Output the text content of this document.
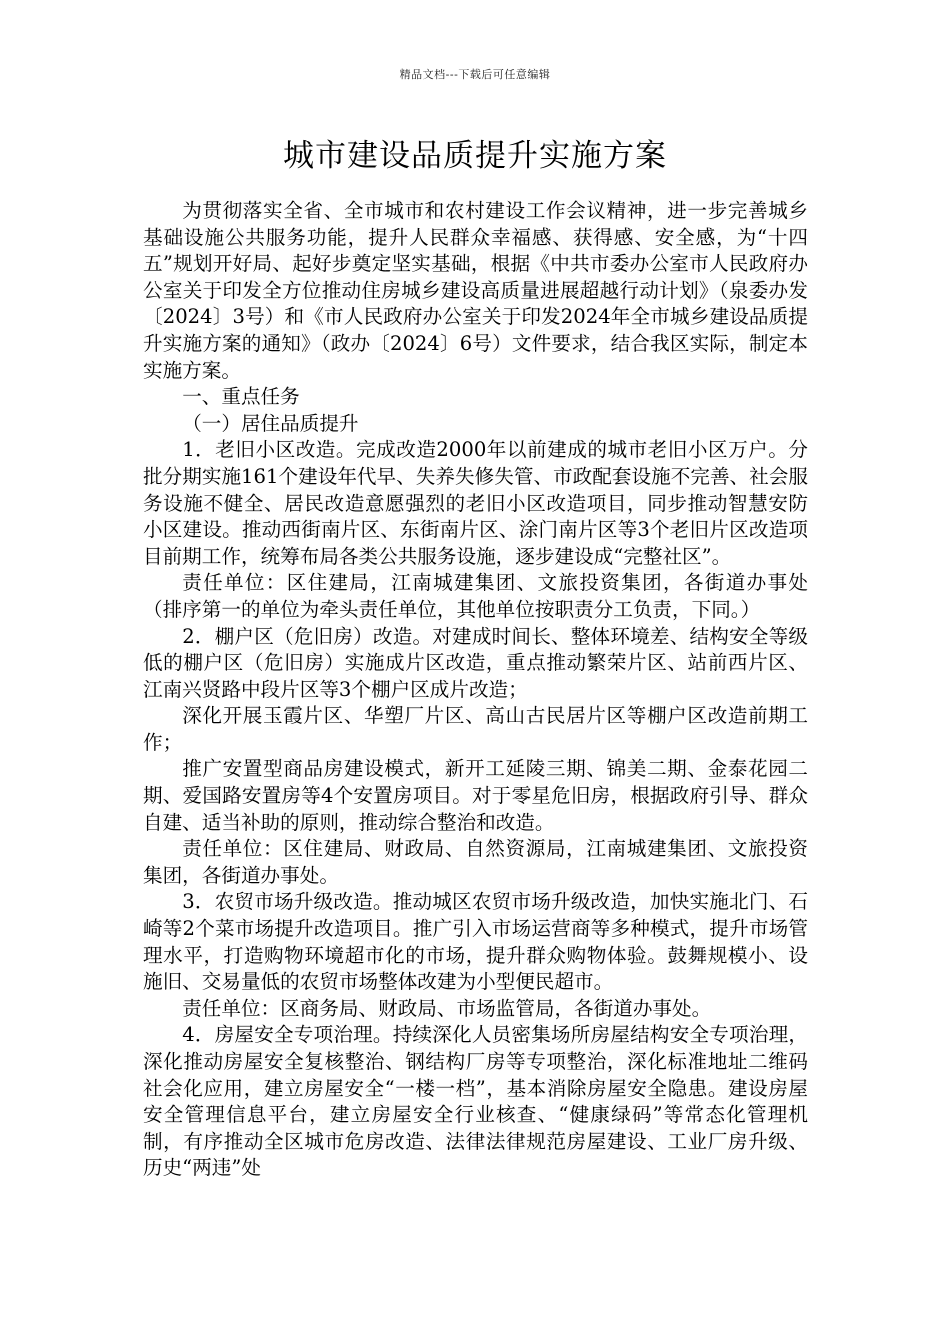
精品文档---下载后可任意编辑
城市建设品质提升实施方案

为贯彻落实全省、全市城市和农村建设工作会议精神，进一步完善城乡基础设施公共服务功能，提升人民群众幸福感、获得感、安全感，为“十四五”规划开好局、起好步奠定坚实基础，根据《中共市委办公室市人民政府办公室关于印发全方位推动住房城乡建设高质量进展超越行动计划》（泉委办发〔2024〕3号）和《市人民政府办公室关于印发2024年全市城乡建设品质提升实施方案的通知》（政办〔2024〕6号）文件要求，结合我区实际，制定本实施方案。

一、重点任务

（一）居住品质提升

1．老旧小区改造。完成改造2000年以前建成的城市老旧小区万户。分批分期实施161个建设年代早、失养失修失管、市政配套设施不完善、社会服务设施不健全、居民改造意愿强烈的老旧小区改造项目，同步推动智慧安防小区建设。推动西街南片区、东街南片区、涂门南片区等3个老旧片区改造项目前期工作，统筹布局各类公共服务设施，逐步建设成“完整社区”。

责任单位：区住建局，江南城建集团、文旅投资集团，各街道办事处（排序第一的单位为牵头责任单位，其他单位按职责分工负责，下同。）

2．棚户区（危旧房）改造。对建成时间长、整体环境差、结构安全等级低的棚户区（危旧房）实施成片区改造，重点推动繁荣片区、站前西片区、江南兴贤路中段片区等3个棚户区成片改造；

深化开展玉霞片区、华塑厂片区、高山古民居片区等棚户区改造前期工作；

推广安置型商品房建设模式，新开工延陵三期、锦美二期、金泰花园二期、爱国路安置房等4个安置房项目。对于零星危旧房，根据政府引导、群众自建、适当补助的原则，推动综合整治和改造。

责任单位：区住建局、财政局、自然资源局，江南城建集团、文旅投资集团，各街道办事处。

3．农贸市场升级改造。推动城区农贸市场升级改造，加快实施北门、石崎等2个菜市场提升改造项目。推广引入市场运营商等多种模式，提升市场管理水平，打造购物环境超市化的市场，提升群众购物体验。鼓舞规模小、设施旧、交易量低的农贸市场整体改建为小型便民超市。

责任单位：区商务局、财政局、市场监管局，各街道办事处。

4．房屋安全专项治理。持续深化人员密集场所房屋结构安全专项治理，深化推动房屋安全复核整治、钢结构厂房等专项整治，深化标准地址二维码社会化应用，建立房屋安全“一楼一档”，基本消除房屋安全隐患。建设房屋安全管理信息平台，建立房屋安全行业核查、“健康绿码”等常态化管理机制，有序推动全区城市危房改造、法律法律规范房屋建设、工业厂房升级、历史“两违”处
